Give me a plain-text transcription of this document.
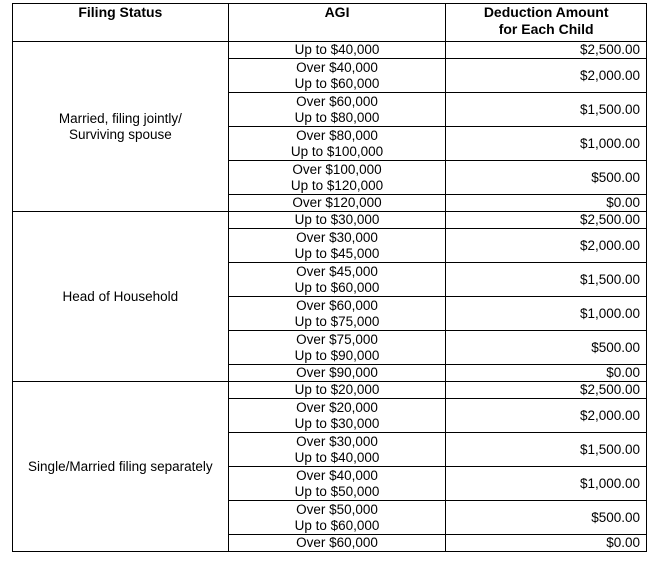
Filing Status	AGI	Deduction Amount
for Each Child

Married, filing jointly/
Surviving spouse	Up to $40,000	$2,500.00

	Over $40,000
Up to $60,000	$2,000.00

	Over $60,000
Up to $80,000	$1,500.00

	Over $80,000
Up to $100,000	$1,000.00

	Over $100,000
Up to $120,000	$500.00

	Over $120,000	$0.00

Head of Household	Up to $30,000	$2,500.00

	Over $30,000
Up to $45,000	$2,000.00

	Over $45,000
Up to $60,000	$1,500.00

	Over $60,000
Up to $75,000	$1,000.00

	Over $75,000
Up to $90,000	$500.00

	Over $90,000	$0.00

Single/Married filing separately	Up to $20,000	$2,500.00

	Over $20,000
Up to $30,000	$2,000.00

	Over $30,000
Up to $40,000	$1,500.00

	Over $40,000
Up to $50,000	$1,000.00

	Over $50,000
Up to $60,000	$500.00

	Over $60,000	$0.00
